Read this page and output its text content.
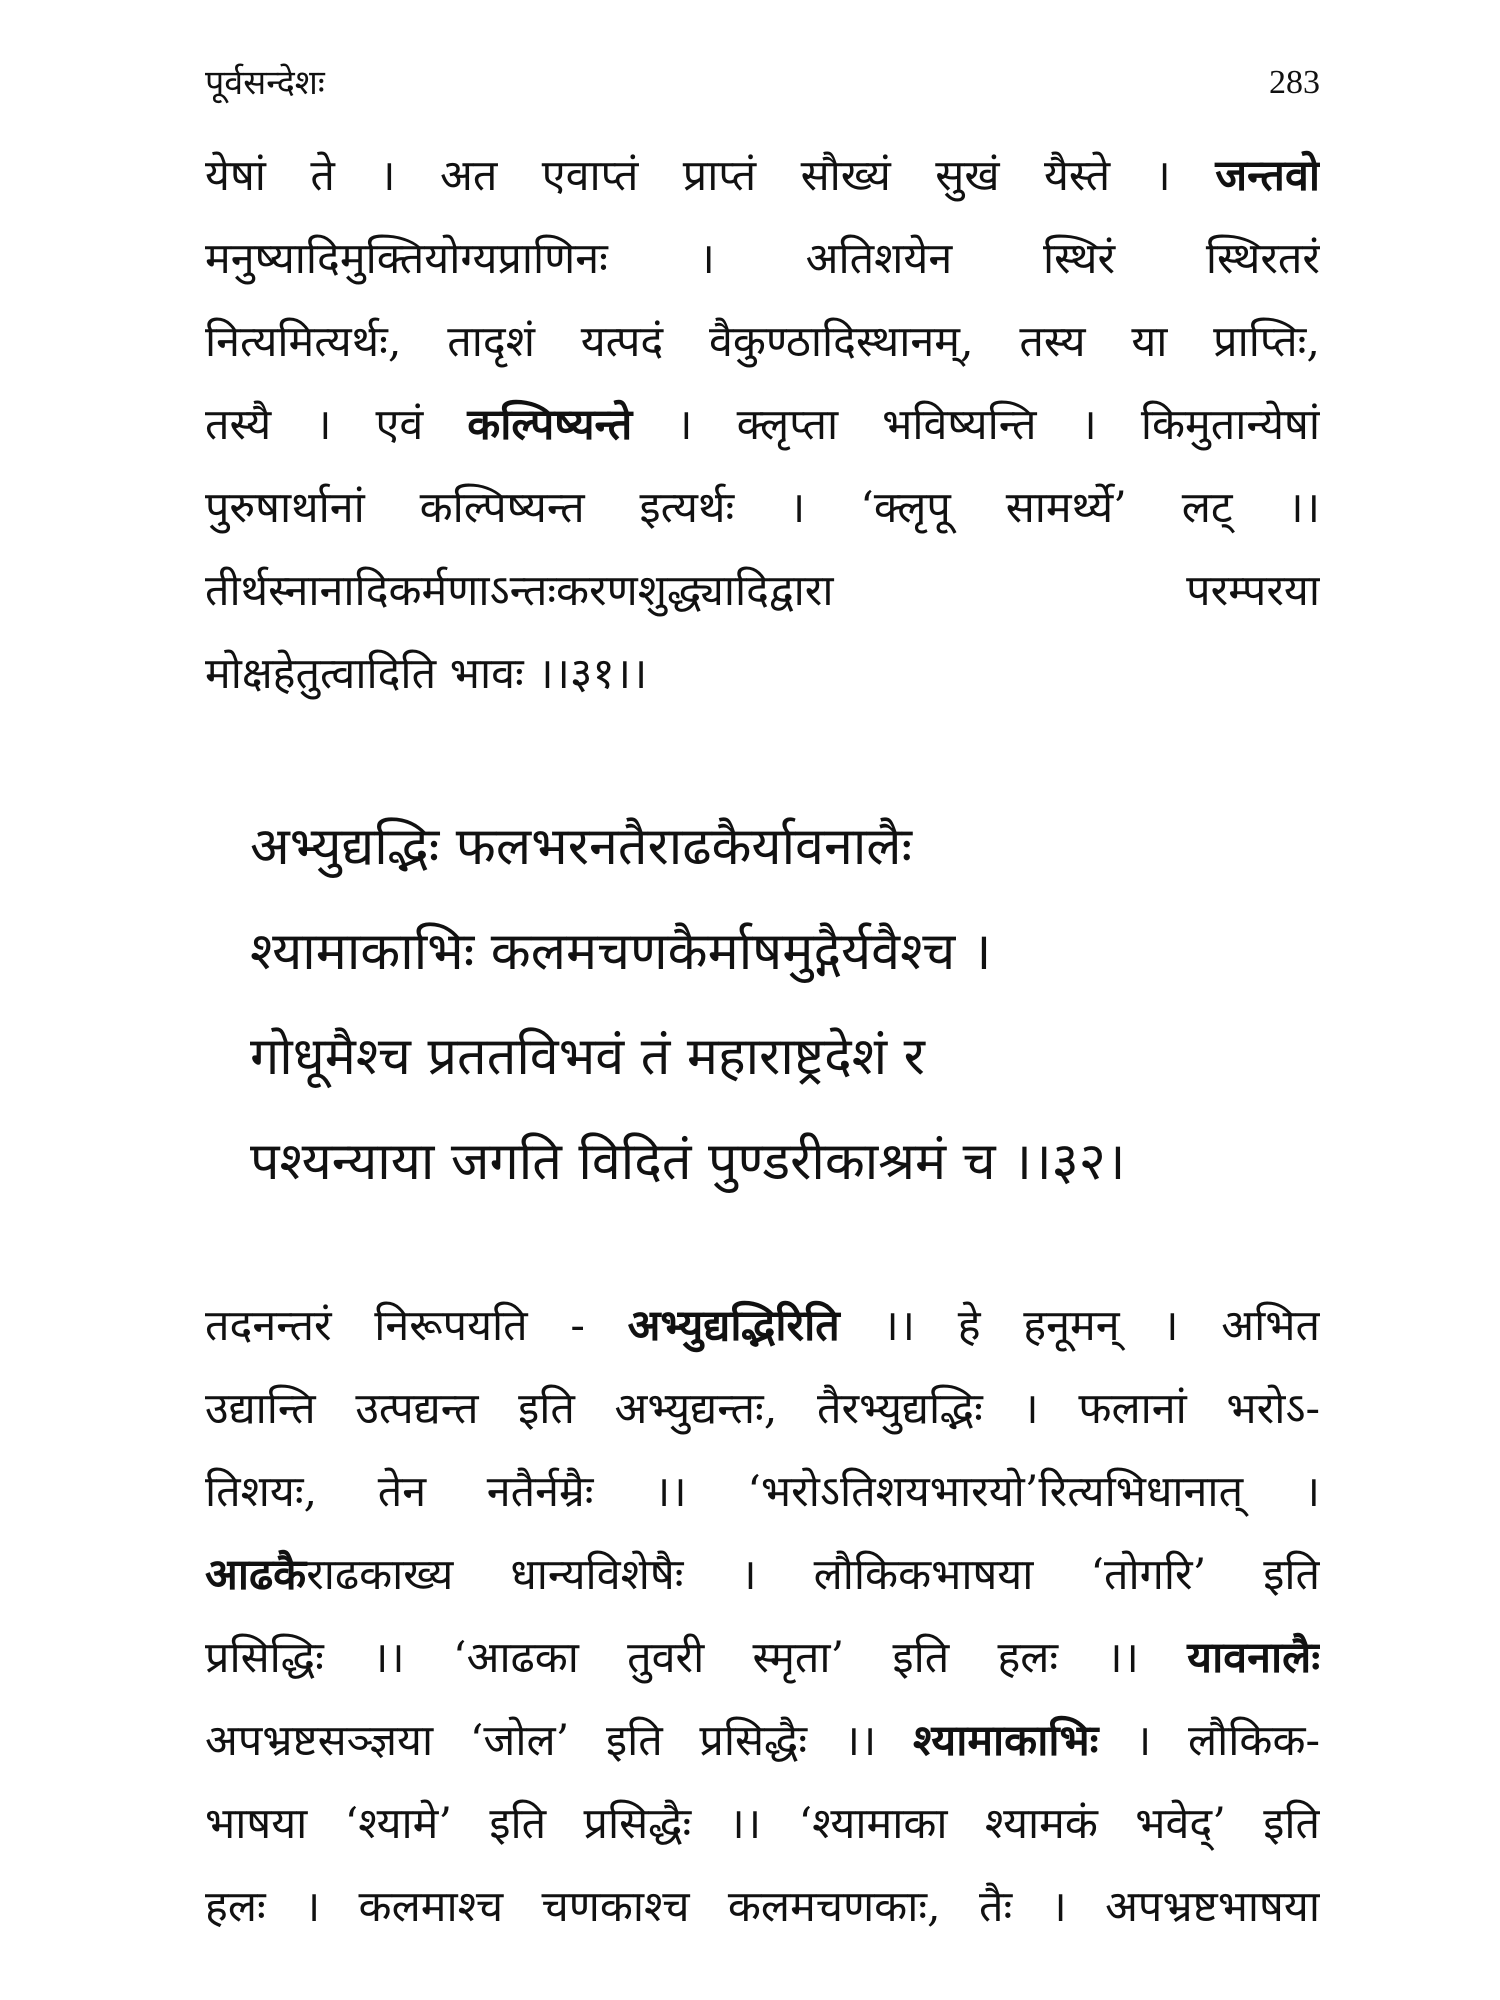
पूर्वसन्देशः	283
येषां ते । अत एवाप्तं प्राप्तं सौख्यं सुखं यैस्ते । जन्तवो
मनुष्यादिमुक्तियोग्यप्राणिनः । अतिशयेन स्थिरं स्थिरतरं
नित्यमित्यर्थः, तादृशं यत्पदं वैकुण्ठादिस्थानम्, तस्य या प्राप्तिः,
तस्यै । एवं कल्पिष्यन्ते । क्लृप्ता भविष्यन्ति । किमुतान्येषां
पुरुषार्थानां कल्पिष्यन्त इत्यर्थः । ‘क्लृपू सामर्थ्ये’ लट् ।।
तीर्थस्नानादिकर्मणाऽन्तःकरणशुद्ध्यादिद्वारा परम्परया
मोक्षहेतुत्वादिति भावः ।।३१।।
अभ्युद्यद्भिः फलभरनतैराढकैर्यावनालैः
श्यामाकाभिः कलमचणकैर्माषमुद्गैर्यवैश्च ।
गोधूमैश्च प्रततविभवं तं महाराष्ट्रदेशं र
पश्यन्याया जगति विदितं पुण्डरीकाश्रमं च ।।३२।
तदनन्तरं निरूपयति - अभ्युद्यद्भिरिति ।। हे हनूमन् । अभित
उद्यान्ति उत्पद्यन्त इति अभ्युद्यन्तः, तैरभ्युद्यद्भिः । फलानां भरोऽ-
तिशयः, तेन नतैर्नम्रैः ।। ‘भरोऽतिशयभारयो’रित्यभिधानात् ।
आढकैराढकाख्य धान्यविशेषैः । लौकिकभाषया ‘तोगरि’ इति
प्रसिद्धिः ।। ‘आढका तुवरी स्मृता’ इति हलः ।। यावनालैः
अपभ्रष्टसञ्ज्ञया ‘जोल’ इति प्रसिद्धैः ।। श्यामाकाभिः । लौकिक-
भाषया ‘श्यामे’ इति प्रसिद्धैः ।। ‘श्यामाका श्यामकं भवेद्’ इति
हलः । कलमाश्च चणकाश्च कलमचणकाः, तैः । अपभ्रष्टभाषया
